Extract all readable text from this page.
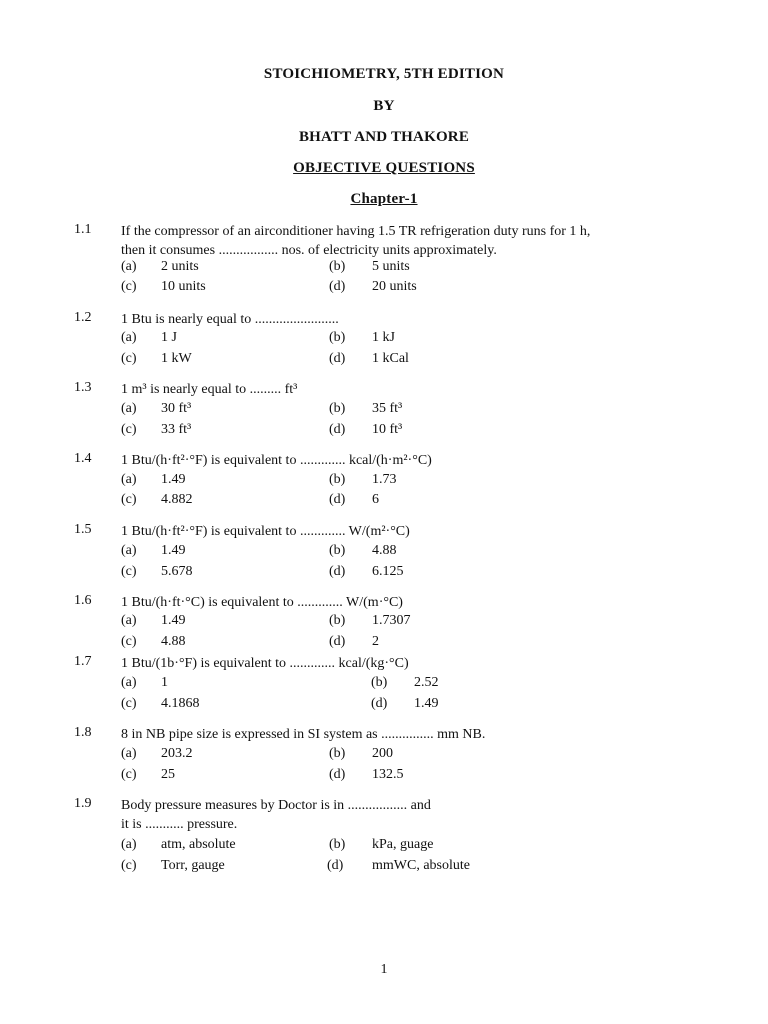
STOICHIOMETRY, 5TH EDITION
BY
BHATT AND THAKORE
OBJECTIVE QUESTIONS
Chapter-1
1.1 If the compressor of an airconditioner having 1.5 TR refrigeration duty runs for 1 h,
then it consumes ................. nos. of electricity units approximately.
(a) 2 units	(b) 5 units
(c) 10 units	(d) 20 units
1.2 1 Btu is nearly equal to ........................
(a) 1 J	(b) 1 kJ
(c) 1 kW	(d) 1 kCal
1.3 1 m³ is nearly equal to ......... ft³
(a) 30 ft³	(b) 35 ft³
(c) 33 ft³	(d) 10 ft³
1.4 1 Btu/(h·ft²·°F) is equivalent to ............. kcal/(h·m²·°C)
(a) 1.49	(b) 1.73
(c) 4.882	(d) 6
1.5 1 Btu/(h·ft²·°F) is equivalent to ............. W/(m²·°C)
(a) 1.49	(b) 4.88
(c) 5.678	(d) 6.125
1.6 1 Btu/(h·ft·°C) is equivalent to ............. W/(m·°C)
(a) 1.49	(b) 1.7307
(c) 4.88	(d) 2
1.7 1 Btu/(1b·°F) is equivalent to ............. kcal/(kg·°C)
(a) 1	(b) 2.52
(c) 4.1868	(d) 1.49
1.8 8 in NB pipe size is expressed in SI system as ............... mm NB.
(a) 203.2	(b) 200
(c) 25	(d) 132.5
1.9 Body pressure measures by Doctor is in ................. and
it is ........... pressure.
(a) atm, absolute	(b) kPa, guage
(c) Torr, gauge	(d) mmWC, absolute
1
